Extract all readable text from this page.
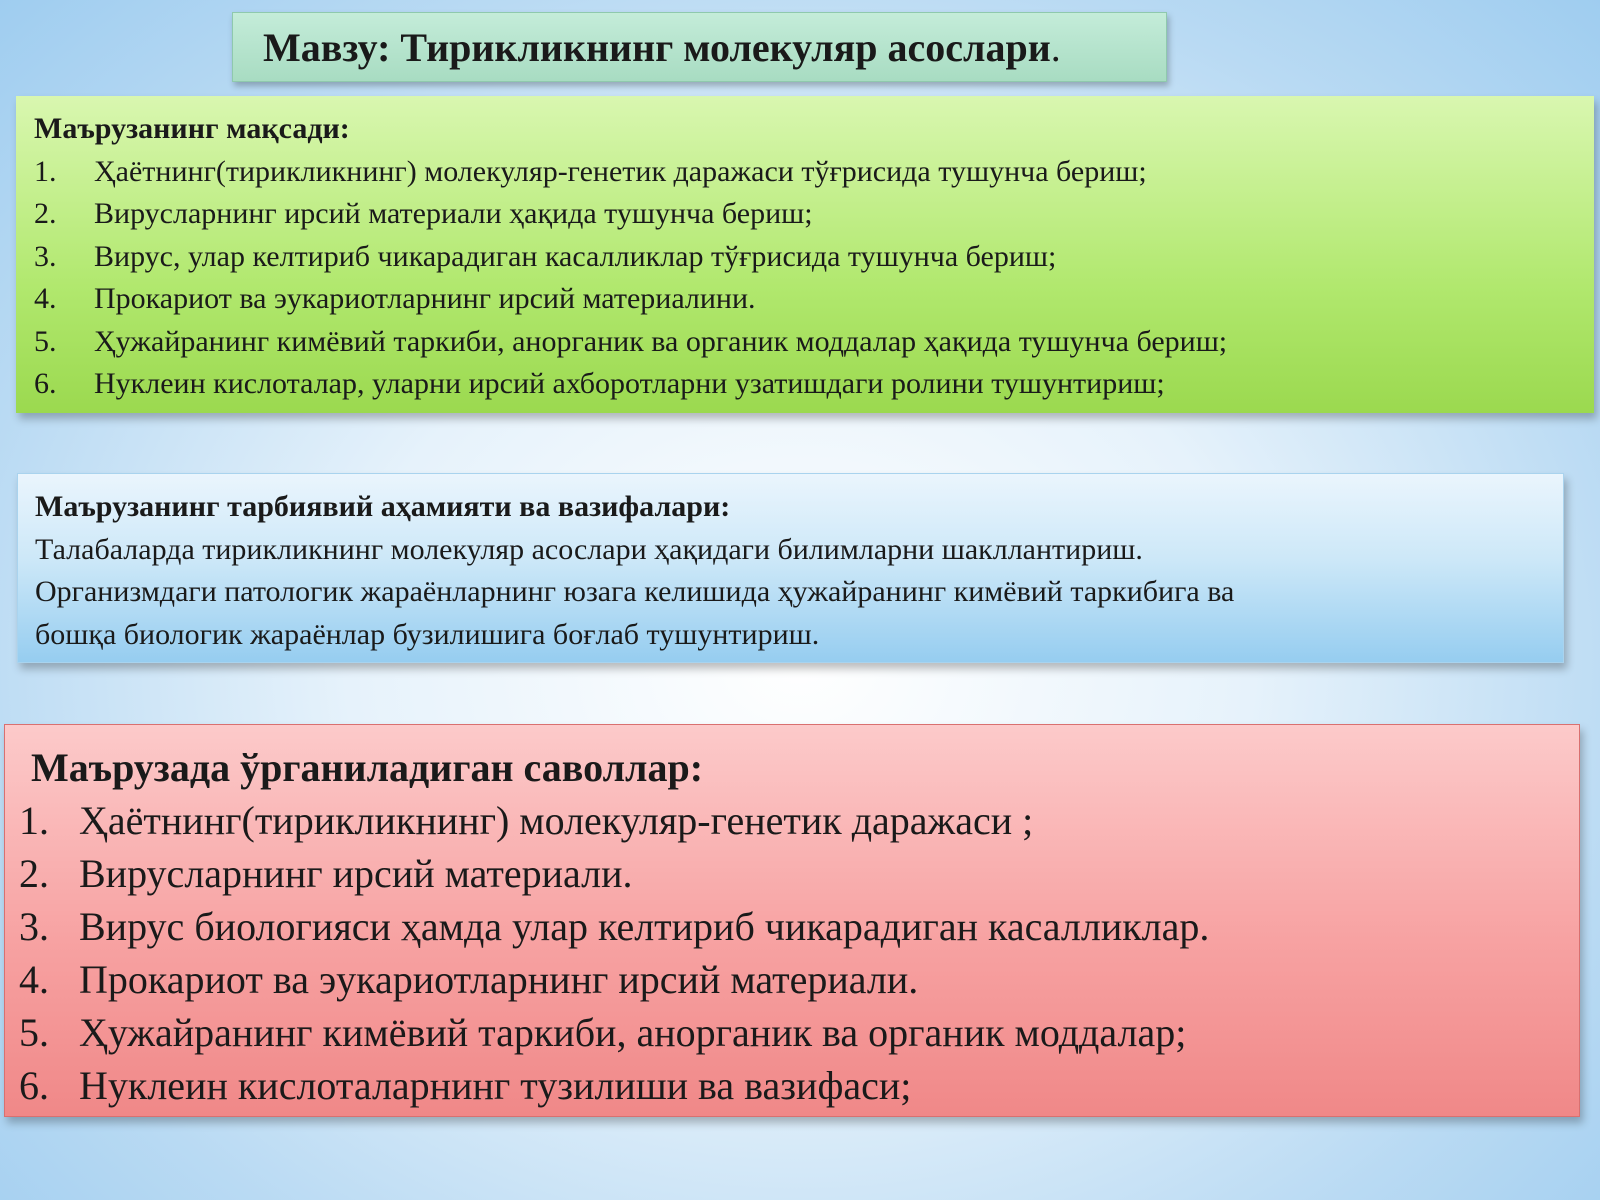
Мавзу: Тирикликнинг молекуляр асослари .
Маърузанинг мақсади:
1.	Ҳаётнинг(тирикликнинг) молекуляр-генетик даражаси тўғрисида тушунча бериш;
2.	Вирусларнинг ирсий материали ҳақида тушунча бериш;
3.	Вирус, улар келтириб чикарадиган касалликлар тўғрисида тушунча бериш;
4.	Прокариот ва эукариотларнинг ирсий материалини.
5.	Ҳужайранинг кимёвий таркиби, анорганик ва органик моддалар ҳақида тушунча бериш;
6.	Нуклеин кислоталар, уларни ирсий ахборотларни узатишдаги ролини тушунтириш;
Маърузанинг тарбиявий аҳамияти ва вазифалари:
Талабаларда тирикликнинг молекуляр асослари ҳақидаги билимларни шакллантириш.
Организмдаги патологик жараёнларнинг юзага келишида ҳужайранинг кимёвий таркибига ва
бошқа биологик жараёнлар бузилишига боғлаб тушунтириш.
Маърузада ўрганиладиган саволлар:
1. Ҳаётнинг(тирикликнинг) молекуляр-генетик даражаси ;
2. Вирусларнинг ирсий материали.
3. Вирус биологияси ҳамда улар келтириб чикарадиган касалликлар.
4. Прокариот ва эукариотларнинг ирсий материали.
5. Ҳужайранинг кимёвий таркиби, анорганик ва органик моддалар;
6. Нуклеин кислоталарнинг тузилиши ва вазифаси;
